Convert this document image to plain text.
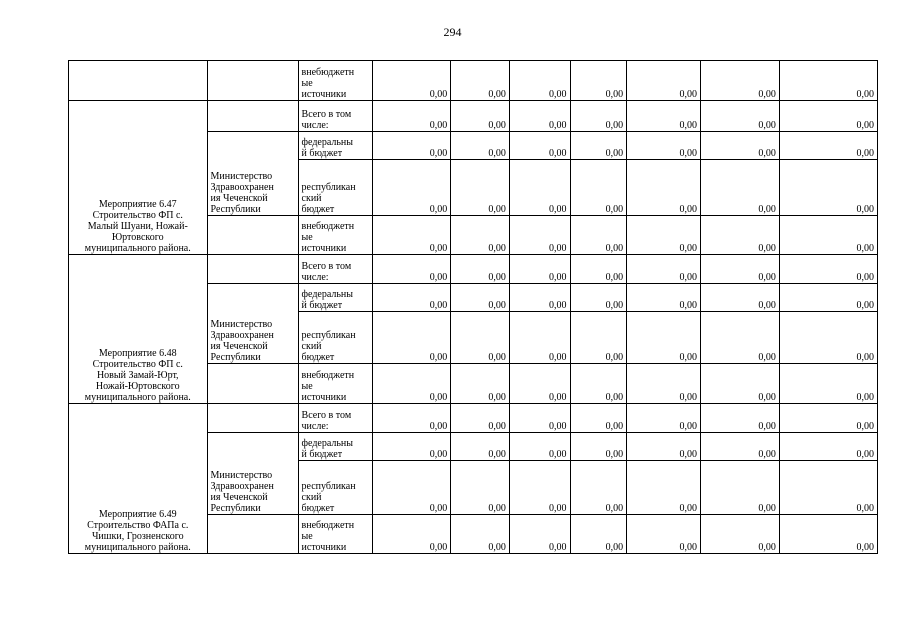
294
		внебюджетн
ые
источники	0,00	0,00	0,00	0,00	0,00	0,00	0,00
Мероприятие 6.47
Строительство ФП с.
Малый Шуани, Ножай-
Юртовского
муниципального района.		Всего в том
числе:	0,00	0,00	0,00	0,00	0,00	0,00	0,00
	Министерство
Здравоохранен
ия Чеченской
Республики	федеральны
й бюджет	0,00	0,00	0,00	0,00	0,00	0,00	0,00
		республикан
ский
бюджет	0,00	0,00	0,00	0,00	0,00	0,00	0,00
		внебюджетн
ые
источники	0,00	0,00	0,00	0,00	0,00	0,00	0,00
Мероприятие 6.48
Строительство ФП с.
Новый Замай-Юрт,
Ножай-Юртовского
муниципального района.		Всего в том
числе:	0,00	0,00	0,00	0,00	0,00	0,00	0,00
	Министерство
Здравоохранен
ия Чеченской
Республики	федеральны
й бюджет	0,00	0,00	0,00	0,00	0,00	0,00	0,00
		республикан
ский
бюджет	0,00	0,00	0,00	0,00	0,00	0,00	0,00
		внебюджетн
ые
источники	0,00	0,00	0,00	0,00	0,00	0,00	0,00
Мероприятие 6.49
Строительство ФАПа с.
Чишки, Грозненского
муниципального района.		Всего в том
числе:	0,00	0,00	0,00	0,00	0,00	0,00	0,00
	Министерство
Здравоохранен
ия Чеченской
Республики	федеральны
й бюджет	0,00	0,00	0,00	0,00	0,00	0,00	0,00
		республикан
ский
бюджет	0,00	0,00	0,00	0,00	0,00	0,00	0,00
		внебюджетн
ые
источники	0,00	0,00	0,00	0,00	0,00	0,00	0,00
